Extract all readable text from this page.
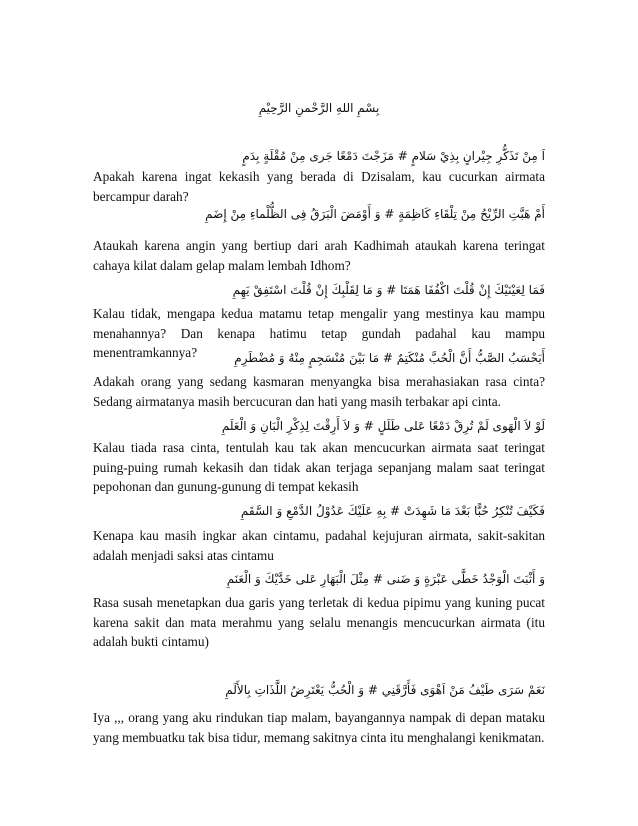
بِسْمِ اللهِ الرَّحْمنِ الرَّحِيْمِ
اَ مِنْ تَذَكُّرِ جِيْرانٍ بِذِيْ سَلامٍ # مَزَجْتَ دَمْعًا جَرى مِنْ مُقْلَةٍ بِدَمٍ
Apakah karena ingat kekasih yang berada di Dzisalam, kau cucurkan airmata bercampur darah?
أَمْ هَبَّتِ الرِّيْحُ مِنْ تِلْقَاءِ كَاظِمَةٍ # وَ أَوْمَضَ الْبَرَقُ فِى الظُّلْماءِ مِنْ إِضَمِ
Ataukah karena angin yang bertiup dari arah Kadhimah ataukah karena teringat cahaya kilat dalam gelap malam lembah Idhom?
فَمَا لِعَيْنَيْكَ إِنْ قُلْتَ اكْفُفَا هَمَتَا # وَ مَا لِقَلْبِكَ إِنْ قُلْتَ اسْتَفِقْ يَهِمِ
Kalau tidak, mengapa kedua matamu tetap mengalir yang mestinya kau mampu menahannya? Dan kenapa hatimu tetap gundah padahal kau mampu menentramkannya?	أَيَحْسَبُ الصَّبُّ أَنَّ الْحُبَّ مُنْكَتِمٌ # مَا بَيْنَ مُنْسَجِمٍ مِنْهُ وَ مُضْطَرِمِ
Adakah orang yang sedang kasmaran menyangka bisa merahasiakan rasa cinta? Sedang airmatanya masih bercucuran dan hati yang masih terbakar api cinta.
لَوْ لاَ الْهَوى لَمْ تُرِقْ دَمْعًا عَلى طَلَلٍ # وَ لاَ أَرِقْتَ لِذِكْرِ الْبَانِ وَ الْعَلَمِ
Kalau tiada rasa cinta, tentulah kau tak akan mencucurkan airmata saat teringat puing-puing rumah kekasih dan tidak akan terjaga sepanjang malam saat teringat pepohonan dan gunung-gunung di tempat kekasih
فَكَيْفَ تُنْكِرُ حُبًّا بَعْدَ مَا شَهِدَتْ # بِهِ عَلَيْكَ عَدُوْلُ الدَّمْعِ وَ السَّقَمِ
Kenapa kau masih ingkar akan cintamu, padahal kejujuran airmata, sakit-sakitan adalah menjadi saksi atas cintamu
وَ أَثْبَتَ الْوَجْدُ خَطَّى عَبْرَةٍ وَ ضَنى # مِثْلَ الْبَهَارِ عَلى خَدَّيْكَ وَ الْعَنَمِ
Rasa susah menetapkan dua garis yang terletak di kedua pipimu yang kuning pucat karena sakit dan mata merahmu yang selalu menangis mencucurkan airmata (itu adalah bukti cintamu)
نَعَمْ سَرَى طَيْفُ مَنْ اَهْوَى فَأَرَّقَنِي # وَ الْحُبُّ يَعْتَرِضُ اللَّذَاتِ بِالأَلَمِ
Iya ,,, orang yang aku rindukan tiap malam, bayangannya nampak di depan mataku yang membuatku tak bisa tidur, memang sakitnya cinta itu menghalangi kenikmatan.
